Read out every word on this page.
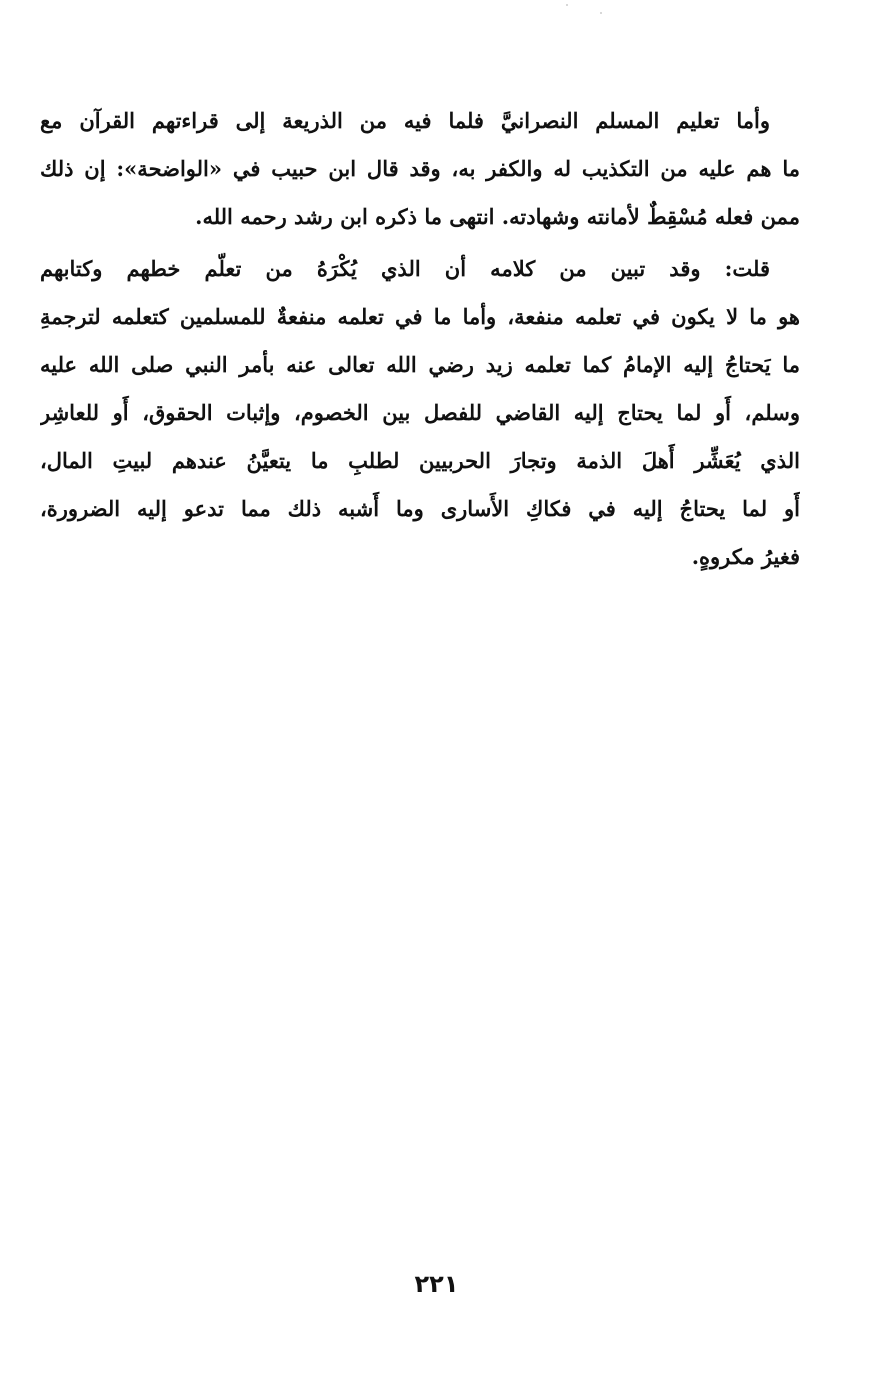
وأما تعليم المسلم النصرانيَّ فلما فيه من الذريعة إلى قراءتهم القرآن مع
ما هم عليه من التكذيب له والكفر به، وقد قال ابن حبيب في «الواضحة»: إن ذلك
ممن فعله مُسْقِطٌ لأمانته وشهادته. انتهى ما ذكره ابن رشد رحمه الله.
قلت: وقد تبين من كلامه أن الذي يُكْرَهُ من تعلّم خطهم وكتابهم
هو ما لا يكون في تعلمه منفعة، وأما ما في تعلمه منفعةٌ للمسلمين كتعلمه لترجمةِ
ما يَحتاجُ إليه الإمامُ كما تعلمه زيد رضي الله تعالى عنه بأمر النبي صلى الله عليه
وسلم، أَو لما يحتاج إليه القاضي للفصل بين الخصوم، وإثبات الحقوق، أَو للعاشِر
الذي يُعَشِّر أَهلَ الذمة وتجارَ الحربيين لطلبِ ما يتعيَّنُ عندهم لبيتِ المال،
أَو لما يحتاجُ إليه في فكاكِ الأَسارى وما أَشبه ذلك مما تدعو إليه الضرورة،
فغيرُ مكروهٍ.
٢٢١
